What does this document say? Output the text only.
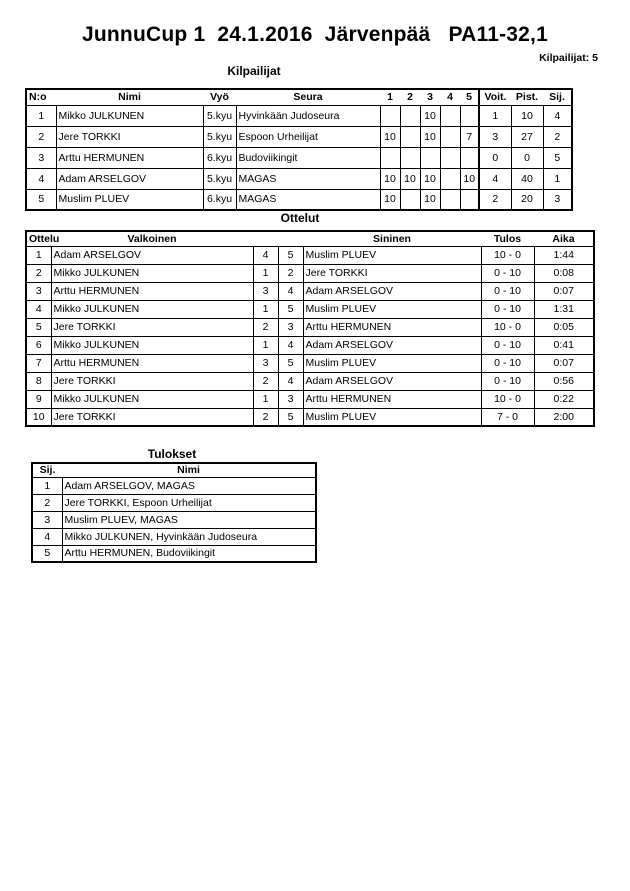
JunnuCup 1  24.1.2016  Järvenpää   PA11-32,1
Kilpailijat: 5
Kilpailijat
N:o	Nimi	Vyö	Seura	1	2	3	4	5	Voit.	Pist.	Sij.
1	Mikko JULKUNEN	5.kyu	Hyvinkään Judoseura			10			1	10	4
2	Jere TORKKI	5.kyu	Espoon Urheilijat	10		10		7	3	27	2
3	Arttu HERMUNEN	6.kyu	Budoviikingit						0	0	5
4	Adam ARSELGOV	5.kyu	MAGAS	10	10	10		10	4	40	1
5	Muslim PLUEV	6.kyu	MAGAS	10		10			2	20	3
Ottelut
Ottelu	Valkoinen			Sininen	Tulos	Aika
1	Adam ARSELGOV	4	5	Muslim PLUEV	10 - 0	1:44
2	Mikko JULKUNEN	1	2	Jere TORKKI	0 - 10	0:08
3	Arttu HERMUNEN	3	4	Adam ARSELGOV	0 - 10	0:07
4	Mikko JULKUNEN	1	5	Muslim PLUEV	0 - 10	1:31
5	Jere TORKKI	2	3	Arttu HERMUNEN	10 - 0	0:05
6	Mikko JULKUNEN	1	4	Adam ARSELGOV	0 - 10	0:41
7	Arttu HERMUNEN	3	5	Muslim PLUEV	0 - 10	0:07
8	Jere TORKKI	2	4	Adam ARSELGOV	0 - 10	0:56
9	Mikko JULKUNEN	1	3	Arttu HERMUNEN	10 - 0	0:22
10	Jere TORKKI	2	5	Muslim PLUEV	7 - 0	2:00
Tulokset
Sij.	Nimi
1	Adam ARSELGOV, MAGAS
2	Jere TORKKI, Espoon Urheilijat
3	Muslim PLUEV, MAGAS
4	Mikko JULKUNEN, Hyvinkään Judoseura
5	Arttu HERMUNEN, Budoviikingit
